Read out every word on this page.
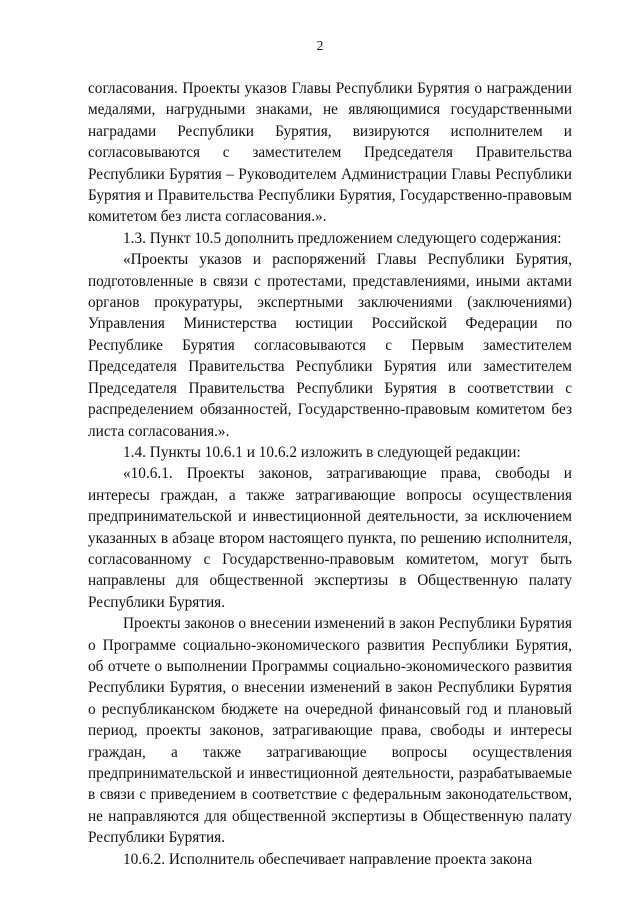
2

согласования. Проекты указов Главы Республики Бурятия о награждении медалями, нагрудными знаками, не являющимися государственными наградами Республики Бурятия, визируются исполнителем и согласовываются с заместителем Председателя Правительства Республики Бурятия – Руководителем Администрации Главы Республики Бурятия и Правительства Республики Бурятия, Государственно-правовым комитетом без листа согласования.».

1.3. Пункт 10.5 дополнить предложением следующего содержания:

«Проекты указов и распоряжений Главы Республики Бурятия, подготовленные в связи с протестами, представлениями, иными актами органов прокуратуры, экспертными заключениями (заключениями) Управления Министерства юстиции Российской Федерации по Республике Бурятия согласовываются с Первым заместителем Председателя Правительства Республики Бурятия или заместителем Председателя Правительства Республики Бурятия в соответствии с распределением обязанностей, Государственно-правовым комитетом без листа согласования.».

1.4. Пункты 10.6.1 и 10.6.2 изложить в следующей редакции:

«10.6.1. Проекты законов, затрагивающие права, свободы и интересы граждан, а также затрагивающие вопросы осуществления предпринимательской и инвестиционной деятельности, за исключением указанных в абзаце втором настоящего пункта, по решению исполнителя, согласованному с Государственно-правовым комитетом, могут быть направлены для общественной экспертизы в Общественную палату Республики Бурятия.

Проекты законов о внесении изменений в закон Республики Бурятия о Программе социально-экономического развития Республики Бурятия, об отчете о выполнении Программы социально-экономического развития Республики Бурятия, о внесении изменений в закон Республики Бурятия о республиканском бюджете на очередной финансовый год и плановый период, проекты законов, затрагивающие права, свободы и интересы граждан, а также затрагивающие вопросы осуществления предпринимательской и инвестиционной деятельности, разрабатываемые в связи с приведением в соответствие с федеральным законодательством, не направляются для общественной экспертизы в Общественную палату Республики Бурятия.

10.6.2. Исполнитель обеспечивает направление проекта закона
